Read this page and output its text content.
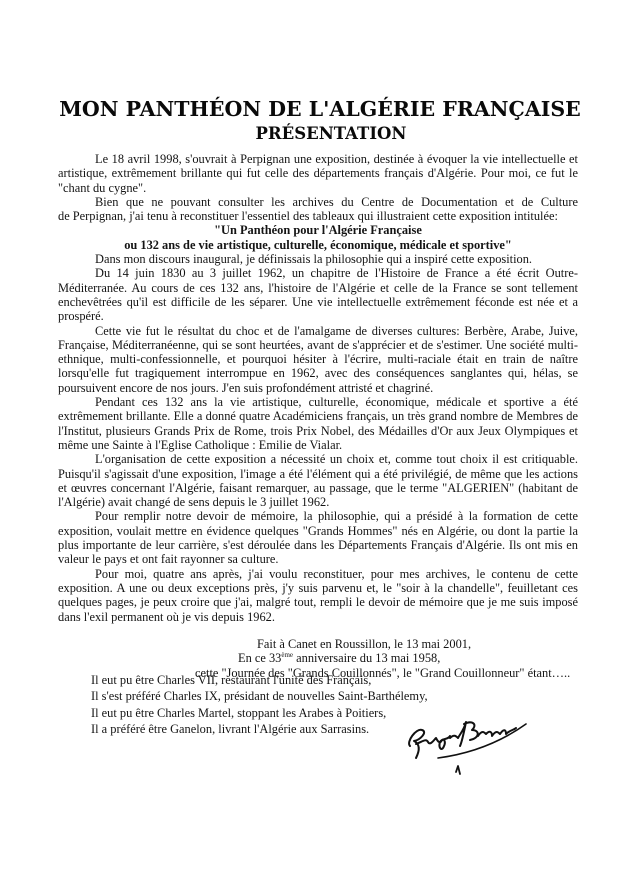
MON PANTHÉON DE L'ALGÉRIE FRANÇAISE
PRÉSENTATION
Le 18 avril 1998, s'ouvrait à Perpignan une exposition, destinée à évoquer la vie intellectuelle et
artistique, extrêmement brillante qui fut celle des départements français d'Algérie. Pour moi, ce fut le
"chant du cygne".
Bien que ne pouvant consulter les archives du Centre de Documentation et de Culture
de Perpignan, j'ai tenu à reconstituer l'essentiel des tableaux qui illustraient cette exposition intitulée:
"Un Panthéon pour l'Algérie Française
ou 132 ans de vie artistique, culturelle, économique, médicale et sportive"
Dans mon discours inaugural, je définissais la philosophie qui a inspiré cette exposition.
Du 14 juin 1830 au 3 juillet 1962, un chapitre de l'Histoire de France a été écrit Outre-
Méditerranée. Au cours de ces 132 ans, l'histoire de l'Algérie et celle de la France se sont tellement
enchevêtrées qu'il est difficile de les séparer. Une vie intellectuelle extrêmement féconde est née et a
prospéré.
Cette vie fut le résultat du choc et de l'amalgame de diverses cultures: Berbère, Arabe, Juive,
Française, Méditerranéenne, qui se sont heurtées, avant de s'apprécier et de s'estimer. Une société multi-
ethnique, multi-confessionnelle, et pourquoi hésiter à l'écrire, multi-raciale était en train de naître
lorsqu'elle fut tragiquement interrompue en 1962, avec des conséquences sanglantes qui, hélas, se
poursuivent encore de nos jours. J'en suis profondément attristé et chagriné.
Pendant ces 132 ans la vie artistique, culturelle, économique, médicale et sportive a été
extrêmement brillante. Elle a donné quatre Académiciens français, un très grand nombre de Membres de
l'Institut, plusieurs Grands Prix de Rome, trois Prix Nobel, des Médailles d'Or aux Jeux Olympiques et
même une Sainte à l'Eglise Catholique : Emilie de Vialar.
L'organisation de cette exposition a nécessité un choix et, comme tout choix il est critiquable.
Puisqu'il s'agissait d'une exposition, l'image a été l'élément qui a été privilégié, de même que les actions
et œuvres concernant l'Algérie, faisant remarquer, au passage, que le terme "ALGERIEN" (habitant de
l'Algérie) avait changé de sens depuis le 3 juillet 1962.
Pour remplir notre devoir de mémoire, la philosophie, qui a présidé à la formation de cette
exposition, voulait mettre en évidence quelques "Grands Hommes" nés en Algérie, ou dont la partie la
plus importante de leur carrière, s'est déroulée dans les Départements Français d'Algérie. Ils ont mis en
valeur le pays et ont fait rayonner sa culture.
Pour moi, quatre ans après, j'ai voulu reconstituer, pour mes archives, le contenu de cette
exposition. A une ou deux exceptions près, j'y suis parvenu et, le "soir à la chandelle", feuilletant ces
quelques pages, je peux croire que j'ai, malgré tout, rempli le devoir de mémoire que je me suis imposé
dans l'exil permanent où je vis depuis 1962.
Fait à Canet en Roussillon, le 13 mai 2001,
En ce 33ème anniversaire du 13 mai 1958,
cette "Journée des "Grands Couillonnés", le "Grand Couillonneur" étant…..
Il eut pu être Charles VII, restaurant l'unité des Français,
Il s'est préféré Charles IX, présidant de nouvelles Saint-Barthélemy,
Il eut pu être Charles Martel, stoppant les Arabes à Poitiers,
Il a préféré être Ganelon, livrant l'Algérie aux Sarrasins.
